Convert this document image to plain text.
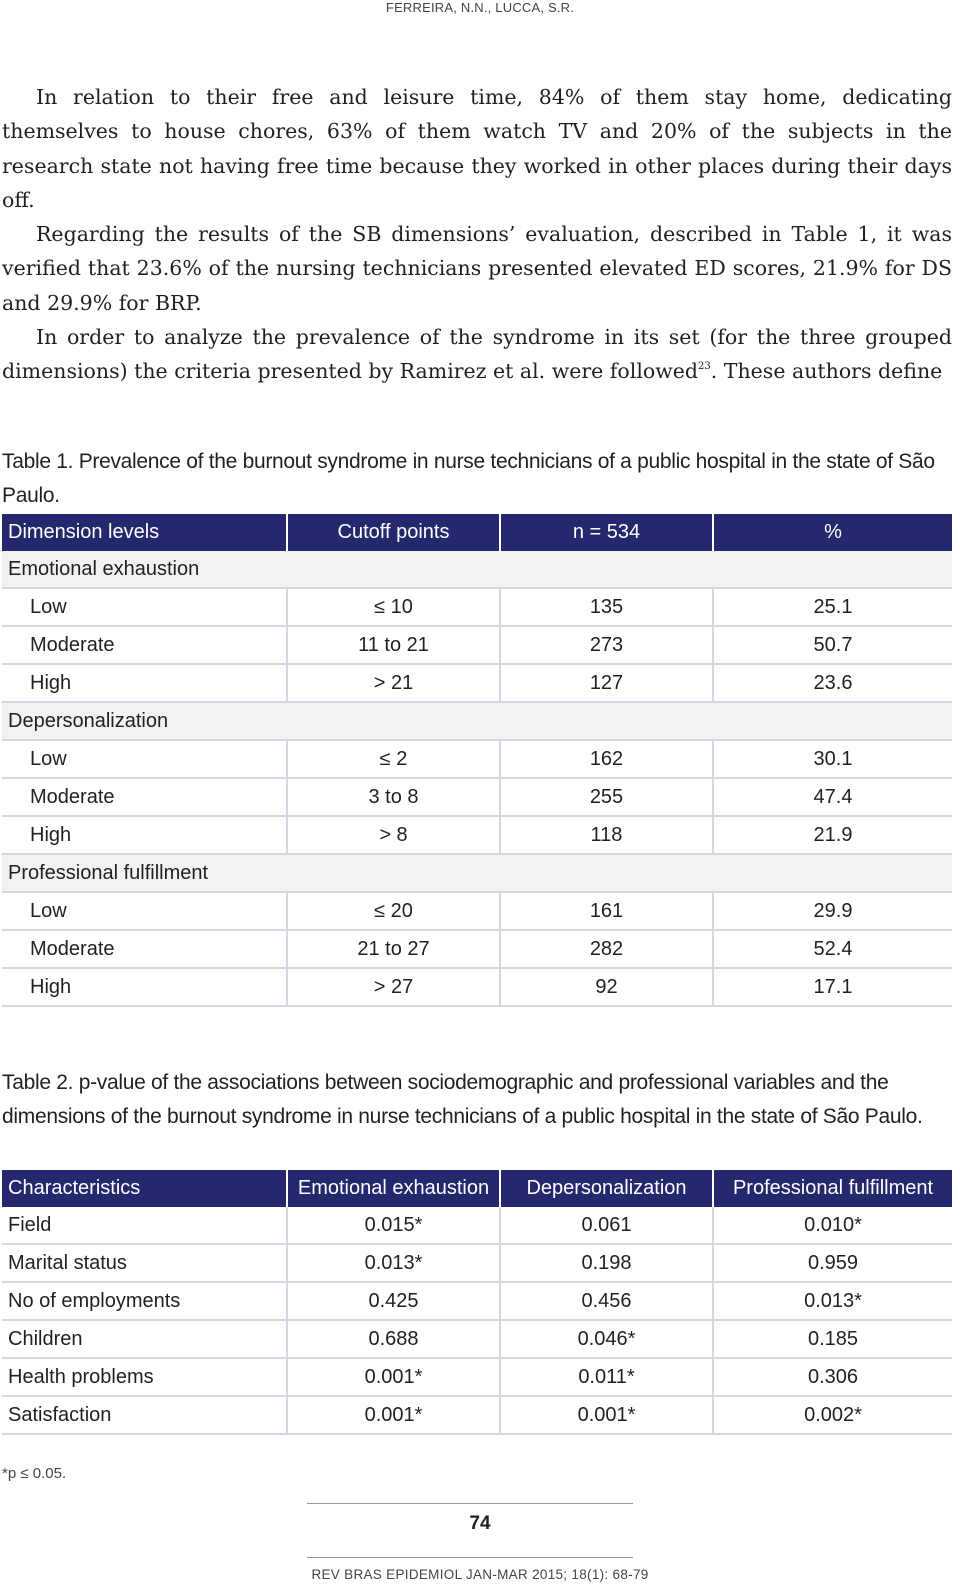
FERREIRA, N.N., LUCCA, S.R.

In relation to their free and leisure time, 84% of them stay home, dedicating themselves to house chores, 63% of them watch TV and 20% of the subjects in the research state not having free time because they worked in other places during their days off.

Regarding the results of the SB dimensions’ evaluation, described in Table 1, it was verified that 23.6% of the nursing technicians presented elevated ED scores, 21.9% for DS and 29.9% for BRP.

In order to analyze the prevalence of the syndrome in its set (for the three grouped dimensions) the criteria presented by Ramirez et al. were followed$^{23}$. These authors define

Table 1. Prevalence of the burnout syndrome in nurse technicians of a public hospital in the state of São Paulo.
Dimension levels	Cutoff points	n = 534	%
Emotional exhaustion			
Low	≤ 10	135	25.1
Moderate	11 to 21	273	50.7
High	> 21	127	23.6
Depersonalization			
Low	≤ 2	162	30.1
Moderate	3 to 8	255	47.4
High	> 8	118	21.9
Professional fulfillment			
Low	≤ 20	161	29.9
Moderate	21 to 27	282	52.4
High	> 27	92	17.1
Table 2. p-value of the associations between sociodemographic and professional variables and the dimensions of the burnout syndrome in nurse technicians of a public hospital in the state of São Paulo.
Characteristics	Emotional exhaustion	Depersonalization	Professional fulfillment
Field	0.015*	0.061	0.010*
Marital status	0.013*	0.198	0.959
No of employments	0.425	0.456	0.013*
Children	0.688	0.046*	0.185
Health problems	0.001*	0.011*	0.306
Satisfaction	0.001*	0.001*	0.002*
*p ≤ 0.05.
74
REV BRAS EPIDEMIOL JAN-MAR 2015; 18(1): 68-79
